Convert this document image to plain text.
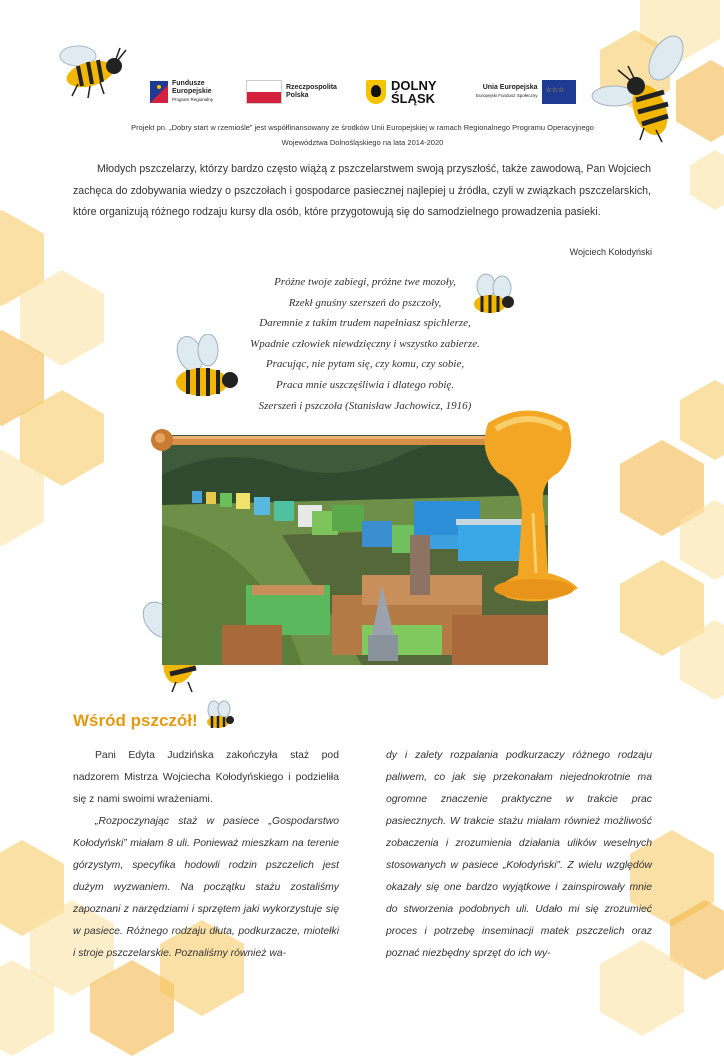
Fundusze
Europejskie
Program Regionalny
Rzeczpospolita
Polska
DOLNY
ŚLĄSK
Unia Europejska
Europejski Fundusz Społeczny
☆ ☆ ☆
Projekt pn. „Dobry start w rzemiośle” jest współfinansowany ze środków Unii Europejskiej w ramach Regionalnego Programu Operacyjnego
Województwa Dolnośląskiego na lata 2014-2020

Młodych pszczelarzy, którzy bardzo często wiążą z pszczelarstwem swoją przyszłość, także zawodową, Pan Wojciech zachęca do zdobywania wiedzy o pszczołach i gospodarce pasiecznej najlepiej u źródła, czyli w związkach pszczelarskich, które organizują różnego rodzaju kursy dla osób, które przygotowują się do samodzielnego prowadzenia pasieki.

Wojciech Kołodyński
Próżne twoje zabiegi, próżne twe mozoły,
Rzekł gnuśny szerszeń do pszczoły,
Daremnie z takim trudem napełniasz spichlerze,
Wpadnie człowiek niewdzięczny i wszystko zabierze.
Pracując, nie pytam się, czy komu, czy sobie,
Praca mnie uszczęśliwia i dlatego robię.
Szerszeń i pszczoła (Stanisław Jachowicz, 1916)
Wśród pszczół!

Pani Edyta Judzińska zakończyła staż pod nadzorem Mistrza Wojciecha Kołodyńskiego i podzieliła się z nami swoimi wrażeniami.

„Rozpoczynając staż w pasiece „Gospodarstwo Kołodyński” miałam 8 uli. Ponieważ mieszkam na terenie górzystym, specyfika hodowli rodzin pszczelich jest dużym wyzwaniem. Na początku stażu zostaliśmy zapoznani z narzędziami i sprzętem jaki wykorzystuje się w pasiece. Różnego rodzaju dłuta, podkurzacze, miotełki i stroje pszczelarskie. Poznaliśmy również wa-

dy i zalety rozpalania podkurzaczy różnego rodzaju paliwem, co jak się przekonałam niejednokrotnie ma ogromne znaczenie praktyczne w trakcie prac pasiecznych. W trakcie stażu miałam również możliwość zobaczenia i zrozumienia działania ulików weselnych stosowanych w pasiece „Kołodyński”. Z wielu względów okazały się one bardzo wyjątkowe i zainspirowały mnie do stworzenia podobnych uli. Udało mi się zrozumieć proces i potrzebę inseminacji matek pszczelich oraz poznać niezbędny sprzęt do ich wy-
